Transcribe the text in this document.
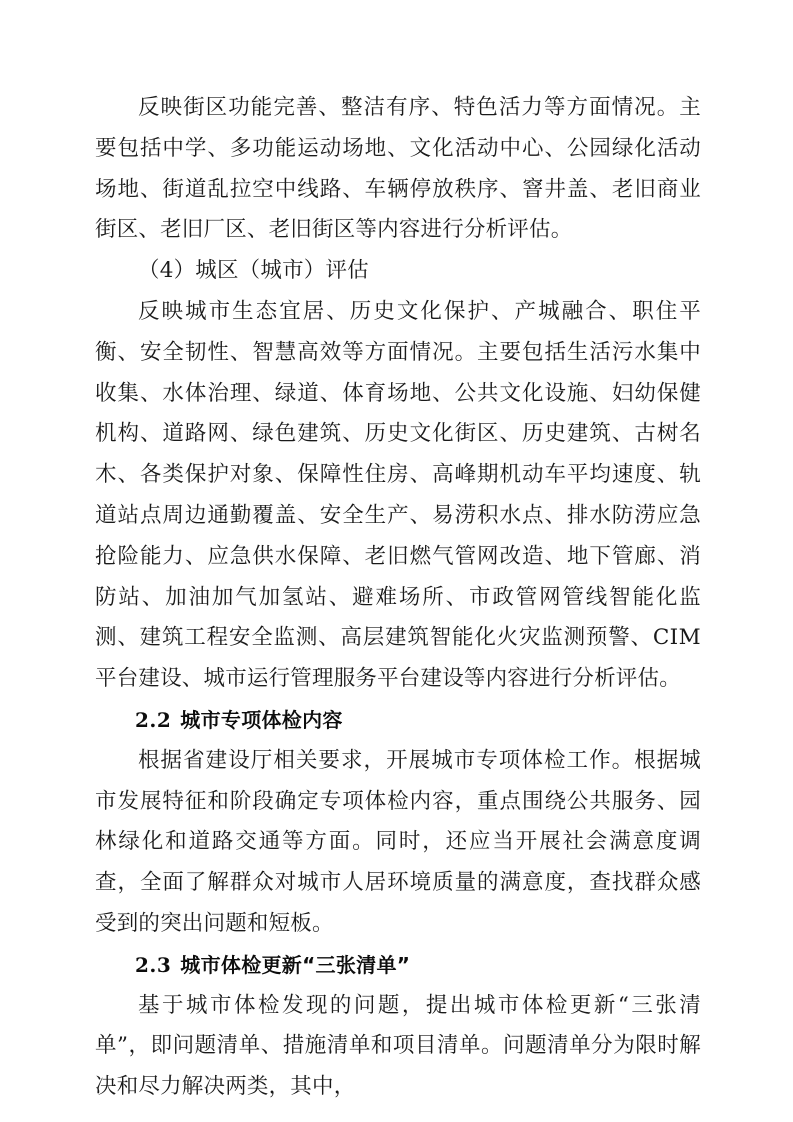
反映街区功能完善、整洁有序、特色活力等方面情况。主要包括中学、多功能运动场地、文化活动中心、公园绿化活动场地、街道乱拉空中线路、车辆停放秩序、窨井盖、老旧商业街区、老旧厂区、老旧街区等内容进行分析评估。

（4）城区（城市）评估

反映城市生态宜居、历史文化保护、产城融合、职住平衡、安全韧性、智慧高效等方面情况。主要包括生活污水集中收集、水体治理、绿道、体育场地、公共文化设施、妇幼保健机构、道路网、绿色建筑、历史文化街区、历史建筑、古树名木、各类保护对象、保障性住房、高峰期机动车平均速度、轨道站点周边通勤覆盖、安全生产、易涝积水点、排水防涝应急抢险能力、应急供水保障、老旧燃气管网改造、地下管廊、消防站、加油加气加氢站、避难场所、市政管网管线智能化监测、建筑工程安全监测、高层建筑智能化火灾监测预警、CIM平台建设、城市运行管理服务平台建设等内容进行分析评估。

2.2 城市专项体检内容

根据省建设厅相关要求，开展城市专项体检工作。根据城市发展特征和阶段确定专项体检内容，重点围绕公共服务、园林绿化和道路交通等方面。同时，还应当开展社会满意度调查，全面了解群众对城市人居环境质量的满意度，查找群众感受到的突出问题和短板。

2.3 城市体检更新“三张清单”

基于城市体检发现的问题，提出城市体检更新“三张清单”，即问题清单、措施清单和项目清单。问题清单分为限时解决和尽力解决两类，其中，
